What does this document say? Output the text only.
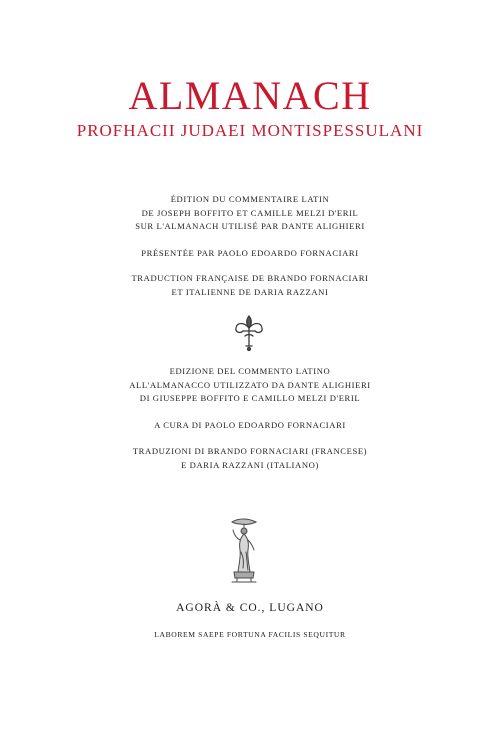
ALMANACH
PROFHACII JUDAEI MONTISPESSULANI
ÉDITION DU COMMENTAIRE LATIN
DE JOSEPH BOFFITO ET CAMILLE MELZI D'ERIL
SUR L'ALMANACH UTILISÉ PAR DANTE ALIGHIERI
PRÉSENTÉE PAR PAOLO EDOARDO FORNACIARI
TRADUCTION FRANÇAISE DE BRANDO FORNACIARI
ET ITALIENNE DE DARIA RAZZANI
EDIZIONE DEL COMMENTO LATINO
ALL'ALMANACCO UTILIZZATO DA DANTE ALIGHIERI
DI GIUSEPPE BOFFITO E CAMILLO MELZI D'ERIL
A CURA DI PAOLO EDOARDO FORNACIARI
TRADUZIONI DI BRANDO FORNACIARI (FRANCESE)
E DARIA RAZZANI (ITALIANO)
AGORÀ & CO., LUGANO
LABOREM SAEPE FORTUNA FACILIS SEQUITUR
